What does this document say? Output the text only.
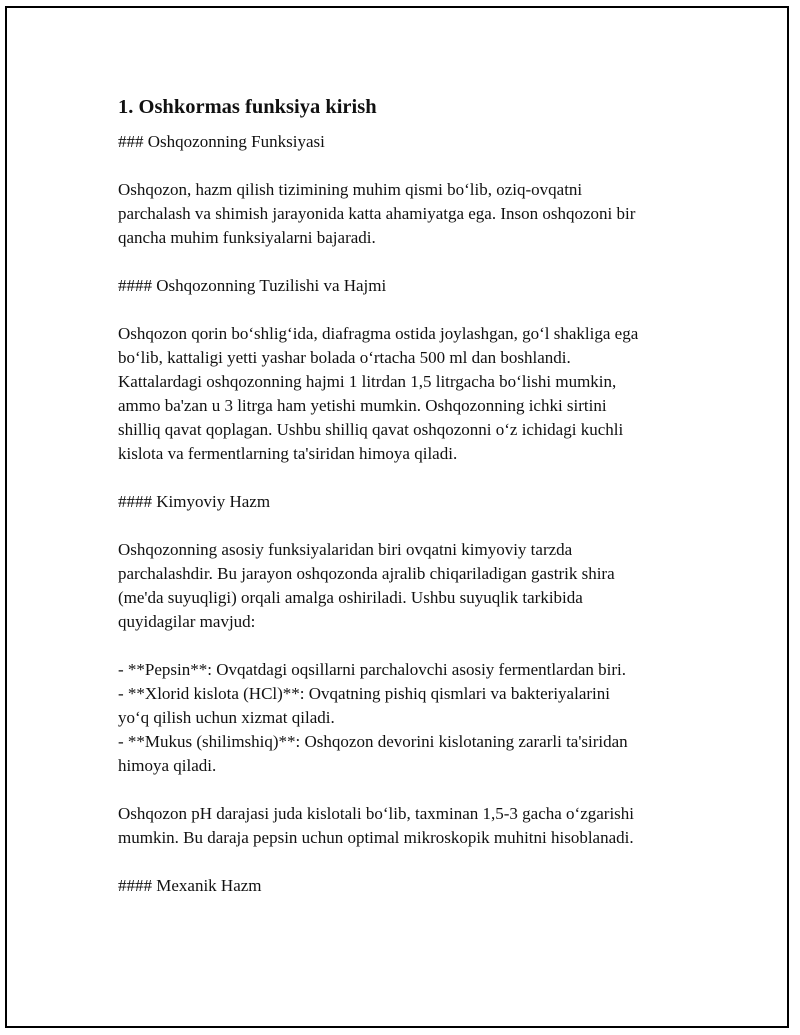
1. Oshkormas funksiya kirish

### Oshqozonning Funksiyasi

Oshqozon, hazm qilish tizimining muhim qismi boʻlib, oziq-ovqatni

parchalash va shimish jarayonida katta ahamiyatga ega. Inson oshqozoni bir

qancha muhim funksiyalarni bajaradi.

#### Oshqozonning Tuzilishi va Hajmi

Oshqozon qorin boʻshligʻida, diafragma ostida joylashgan, goʻl shakliga ega

boʻlib, kattaligi yetti yashar bolada oʻrtacha 500 ml dan boshlandi.

Kattalardagi oshqozonning hajmi 1 litrdan 1,5 litrgacha boʻlishi mumkin,

ammo ba'zan u 3 litrga ham yetishi mumkin. Oshqozonning ichki sirtini

shilliq qavat qoplagan. Ushbu shilliq qavat oshqozonni oʻz ichidagi kuchli

kislota va fermentlarning ta'siridan himoya qiladi.

#### Kimyoviy Hazm

Oshqozonning asosiy funksiyalaridan biri ovqatni kimyoviy tarzda

parchalashdir. Bu jarayon oshqozonda ajralib chiqariladigan gastrik shira

(me'da suyuqligi) orqali amalga oshiriladi. Ushbu suyuqlik tarkibida

quyidagilar mavjud:

- **Pepsin**: Ovqatdagi oqsillarni parchalovchi asosiy fermentlardan biri.

- **Xlorid kislota (HCl)**: Ovqatning pishiq qismlari va bakteriyalarini

yoʻq qilish uchun xizmat qiladi.

- **Mukus (shilimshiq)**: Oshqozon devorini kislotaning zararli ta'siridan

himoya qiladi.

Oshqozon pH darajasi juda kislotali boʻlib, taxminan 1,5-3 gacha oʻzgarishi

mumkin. Bu daraja pepsin uchun optimal mikroskopik muhitni hisoblanadi.

#### Mexanik Hazm
